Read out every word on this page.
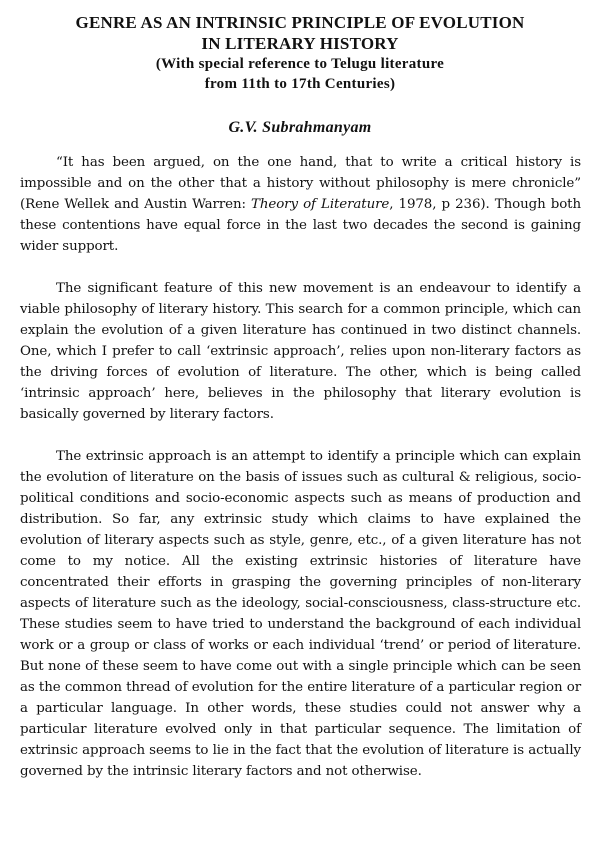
GENRE AS AN INTRINSIC PRINCIPLE OF EVOLUTION

IN LITERARY HISTORY

(With special reference to Telugu literature

from 11th to 17th Centuries)

G.V. Subrahmanyam

“It has been argued, on the one hand, that to write a critical history is impossible and on the other that a history without philosophy is mere chronicle” (Rene Wellek and Austin Warren: Theory of Literature, 1978, p 236). Though both these contentions have equal force in the last two decades the second is gaining wider support.

The significant feature of this new movement is an endeavour to identify a viable philosophy of literary history. This search for a common principle, which can explain the evolution of a given literature has continued in two distinct channels. One, which I prefer to call ‘extrinsic approach’, relies upon non-literary factors as the driving forces of evolution of literature. The other, which is being called ‘intrinsic approach’ here, believes in the philosophy that literary evolution is basically governed by literary factors.

The extrinsic approach is an attempt to identify a principle which can explain the evolution of literature on the basis of issues such as cultural & religious, socio-political conditions and socio-economic aspects such as means of production and distribution. So far, any extrinsic study which claims to have explained the evolution of literary aspects such as style, genre, etc., of a given literature has not come to my notice. All the existing extrinsic histories of literature have concentrated their efforts in grasping the governing principles of non-literary aspects of literature such as the ideology, social-consciousness, class-structure etc. These studies seem to have tried to understand the background of each individual work or a group or class of works or each individual ‘trend’ or period of literature. But none of these seem to have come out with a single principle which can be seen as the common thread of evolution for the entire literature of a particular region or a particular language. In other words, these studies could not answer why a particular literature evolved only in that particular sequence. The limitation of extrinsic approach seems to lie in the fact that the evolution of literature is actually governed by the intrinsic literary factors and not otherwise.
